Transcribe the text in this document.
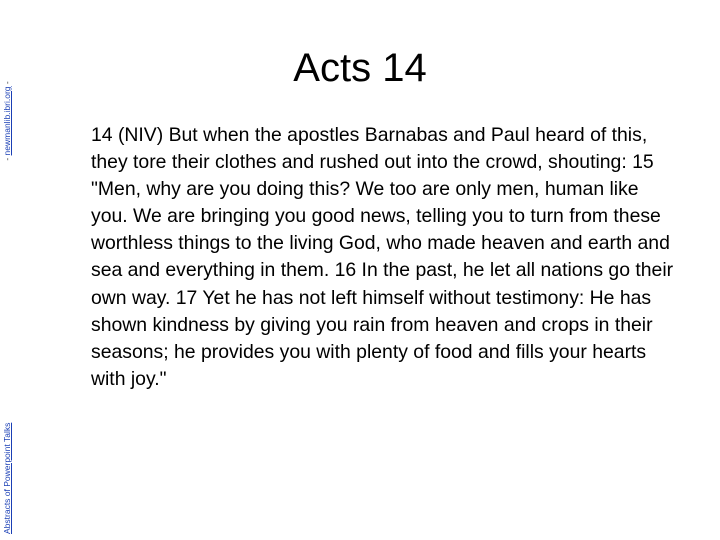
Abstracts of Powerpoint Talks- newmanlib.ibri.org -	Acts 14

14 (NIV) But when the apostles Barnabas and Paul heard of this, they tore their clothes and rushed out into the crowd, shouting: 15 "Men, why are you doing this? We too are only men, human like you. We are bringing you good news, telling you to turn from these worthless things to the living God, who made heaven and earth and sea and everything in them. 16 In the past, he let all nations go their own way. 17 Yet he has not left himself without testimony: He has shown kindness by giving you rain from heaven and crops in their seasons; he provides you with plenty of food and fills your hearts with joy."
